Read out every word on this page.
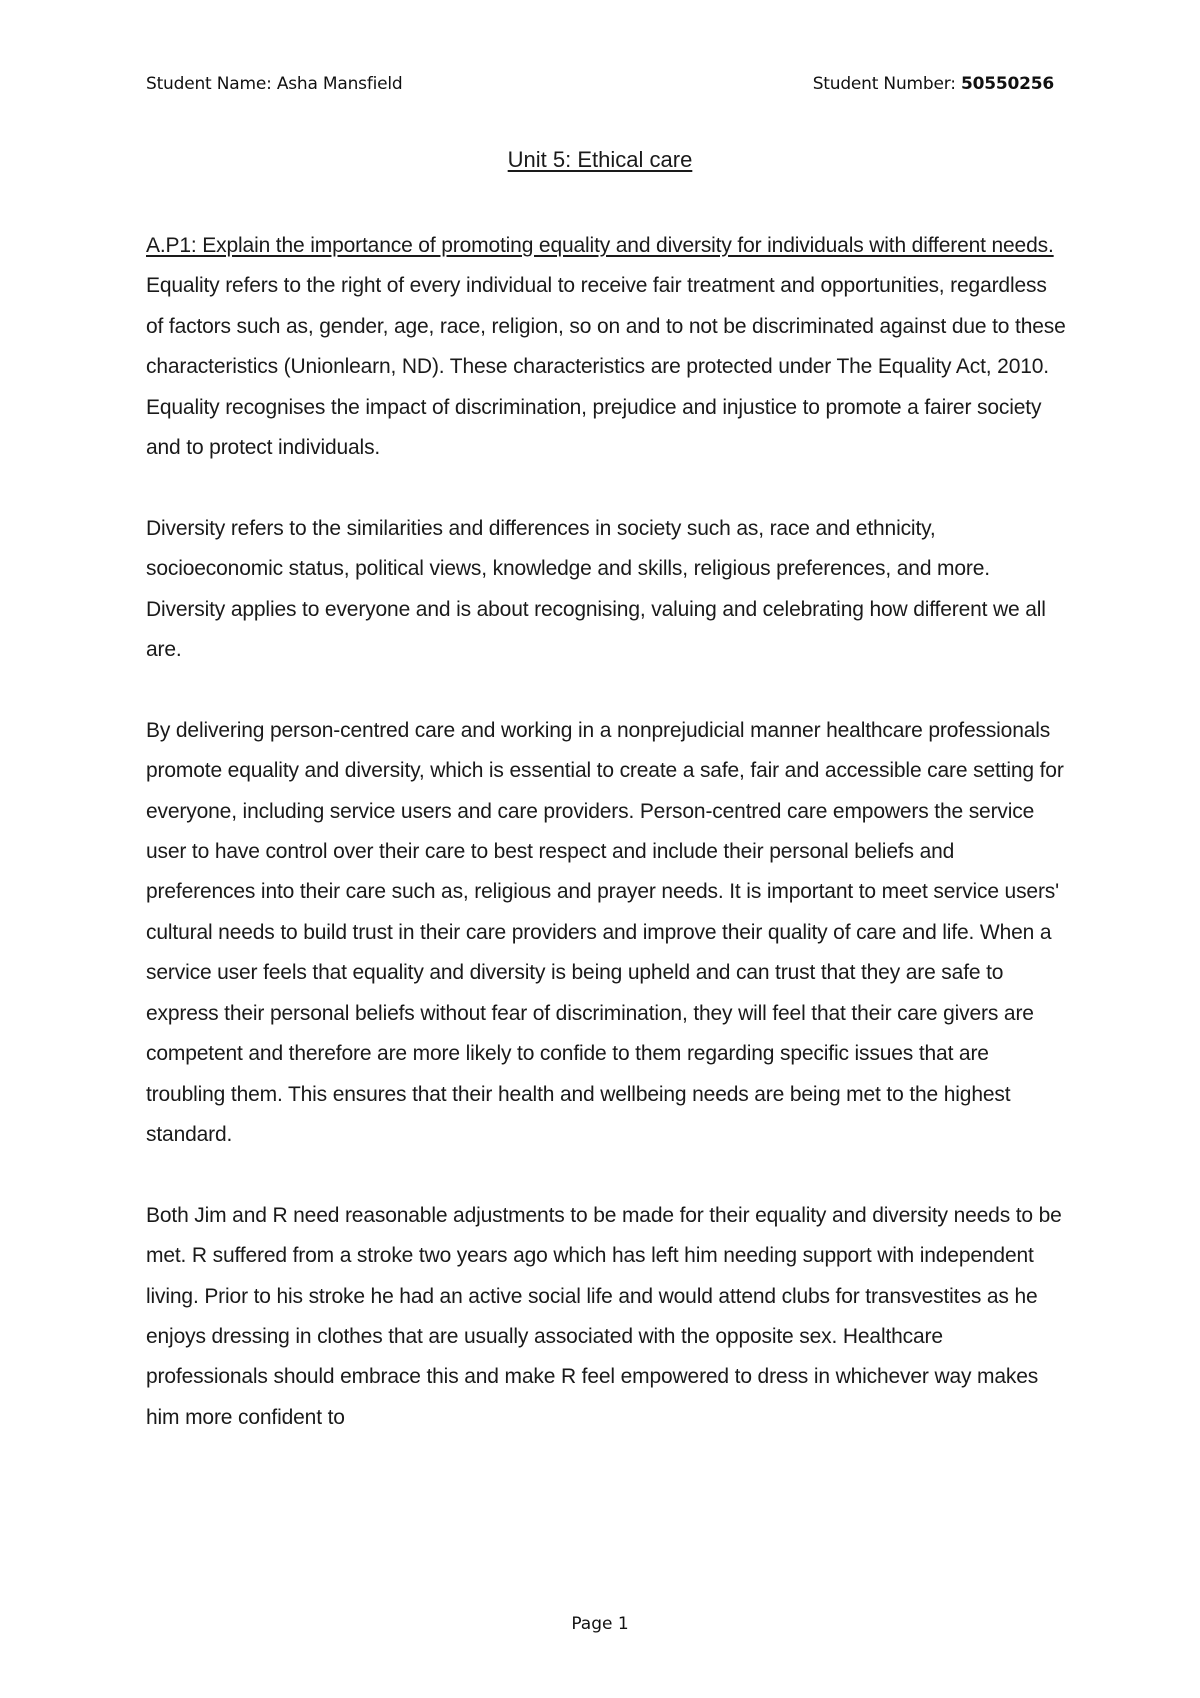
Student Name: Asha Mansfield	Student Number: 50550256
Unit 5: Ethical care

A.P1: Explain the importance of promoting equality and diversity for individuals with different needs.

Equality refers to the right of every individual to receive fair treatment and opportunities, regardless of factors such as, gender, age, race, religion, so on and to not be discriminated against due to these characteristics (Unionlearn, ND). These characteristics are protected under The Equality Act, 2010. Equality recognises the impact of discrimination, prejudice and injustice to promote a fairer society and to protect individuals.

Diversity refers to the similarities and differences in society such as, race and ethnicity, socioeconomic status, political views, knowledge and skills, religious preferences, and more. Diversity applies to everyone and is about recognising, valuing and celebrating how different we all are.

By delivering person-centred care and working in a nonprejudicial manner healthcare professionals promote equality and diversity, which is essential to create a safe, fair and accessible care setting for everyone, including service users and care providers. Person-centred care empowers the service user to have control over their care to best respect and include their personal beliefs and preferences into their care such as, religious and prayer needs. It is important to meet service users' cultural needs to build trust in their care providers and improve their quality of care and life. When a service user feels that equality and diversity is being upheld and can trust that they are safe to express their personal beliefs without fear of discrimination, they will feel that their care givers are competent and therefore are more likely to confide to them regarding specific issues that are troubling them. This ensures that their health and wellbeing needs are being met to the highest standard.

Both Jim and R need reasonable adjustments to be made for their equality and diversity needs to be met. R suffered from a stroke two years ago which has left him needing support with independent living. Prior to his stroke he had an active social life and would attend clubs for transvestites as he enjoys dressing in clothes that are usually associated with the opposite sex. Healthcare professionals should embrace this and make R feel empowered to dress in whichever way makes him more confident to

Page 1
